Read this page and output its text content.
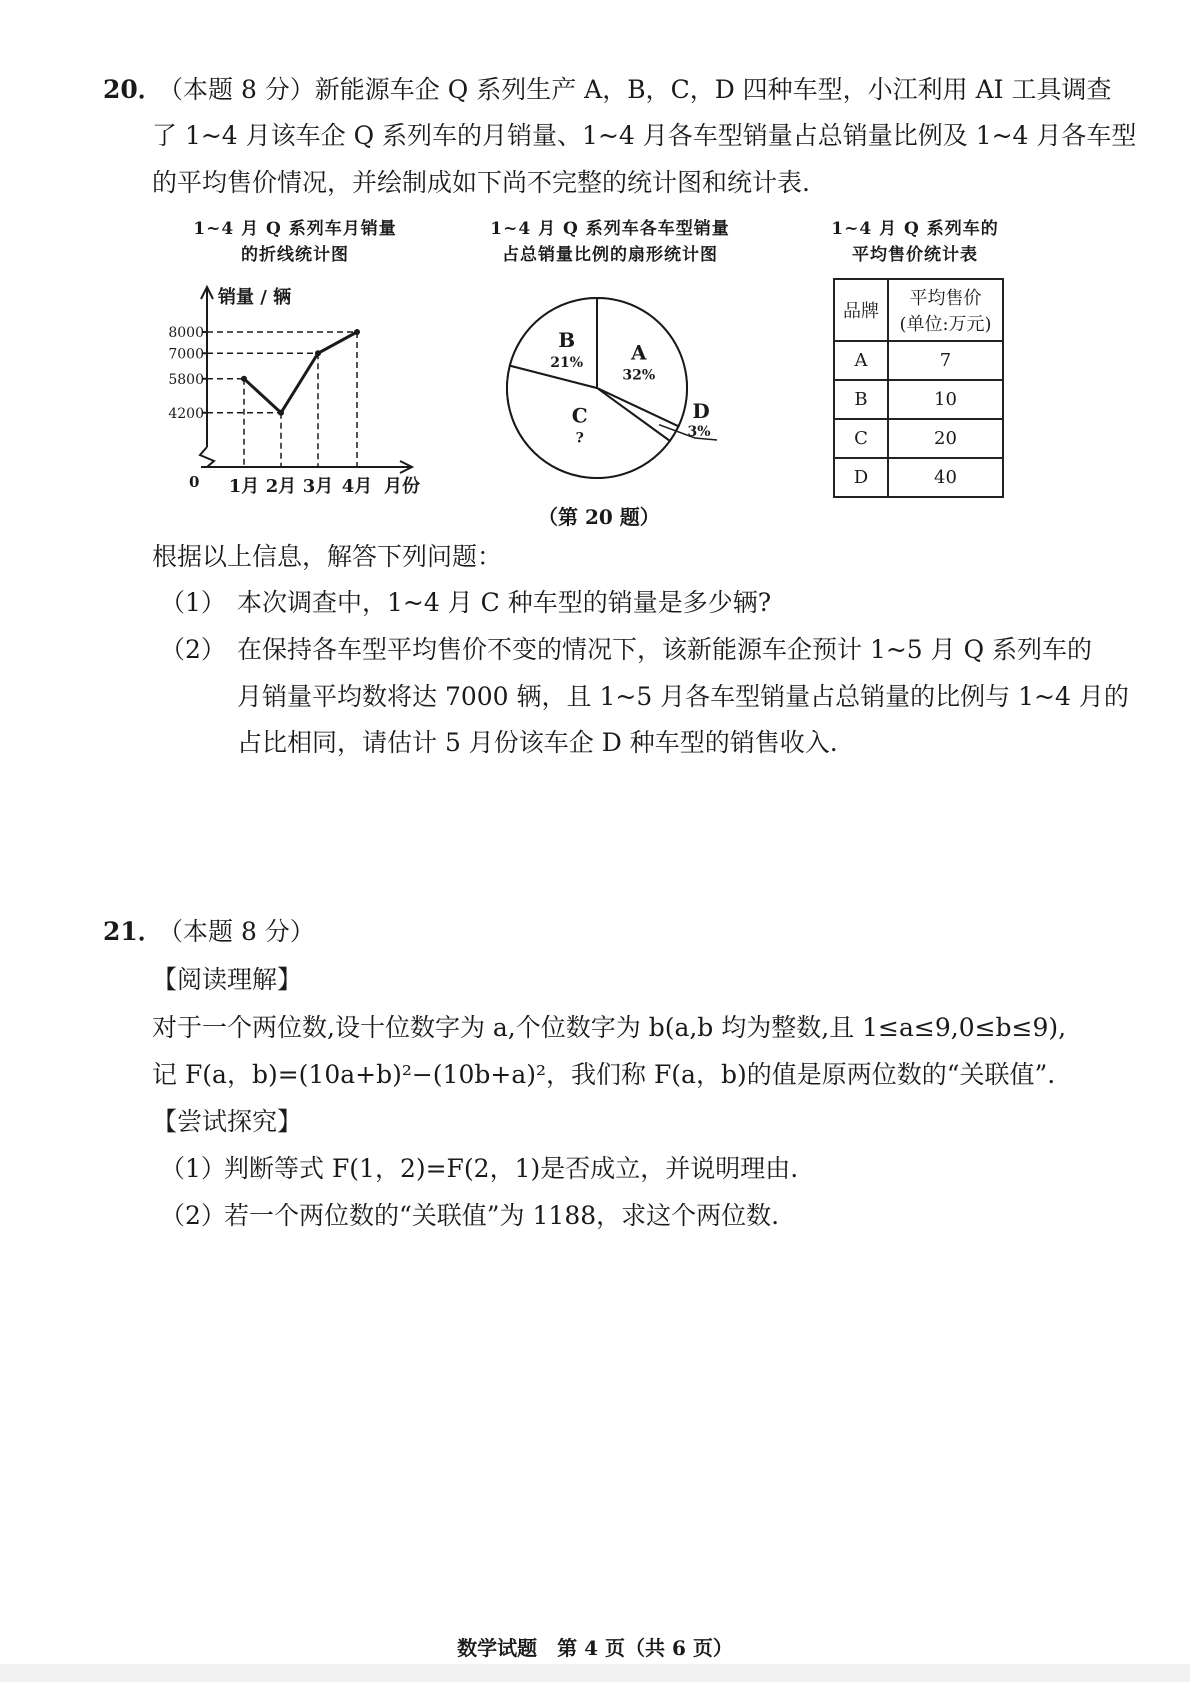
20．
（本题 8 分）新能源车企 Q 系列生产 A，B，C，D 四种车型，小江利用 AI 工具调查
了 1~4 月该车企 Q 系列车的月销量、1~4 月各车型销量占总销量比例及 1~4 月各车型
的平均售价情况，并绘制成如下尚不完整的统计图和统计表.
1~4 月 Q 系列车月销量
的折线统计图
1~4 月 Q 系列车各车型销量
占总销量比例的扇形统计图
1~4 月 Q 系列车的
平均售价统计表
8000
7000
5800
4200
1月 2月 3月 4月
销量 / 辆
0	月份
A
32%
B
21%
C
?
D
3%
品牌	平均售价
(单位:万元)

A	7
B	10
C	20
D	40
（第 20 题）
根据以上信息，解答下列问题：
（1） 本次调查中，1~4 月 C 种车型的销量是多少辆?
（2） 在保持各车型平均售价不变的情况下，该新能源车企预计 1~5 月 Q 系列车的
月销量平均数将达 7000 辆，且 1~5 月各车型销量占总销量的比例与 1~4 月的
占比相同，请估计 5 月份该车企 D 种车型的销售收入.
21．
（本题 8 分）
【阅读理解】
对于一个两位数,设十位数字为 a,个位数字为 b(a,b 均为整数,且 1≤a≤9,0≤b≤9),
记 F(a，b)=(10a+b)²−(10b+a)²，我们称 F(a，b)的值是原两位数的“关联值”.
【尝试探究】
（1）
判断等式 F(1，2)=F(2，1)是否成立，并说明理由.
（2）
若一个两位数的“关联值”为 1188，求这个两位数.
数学试题　第 4 页（共 6 页）
